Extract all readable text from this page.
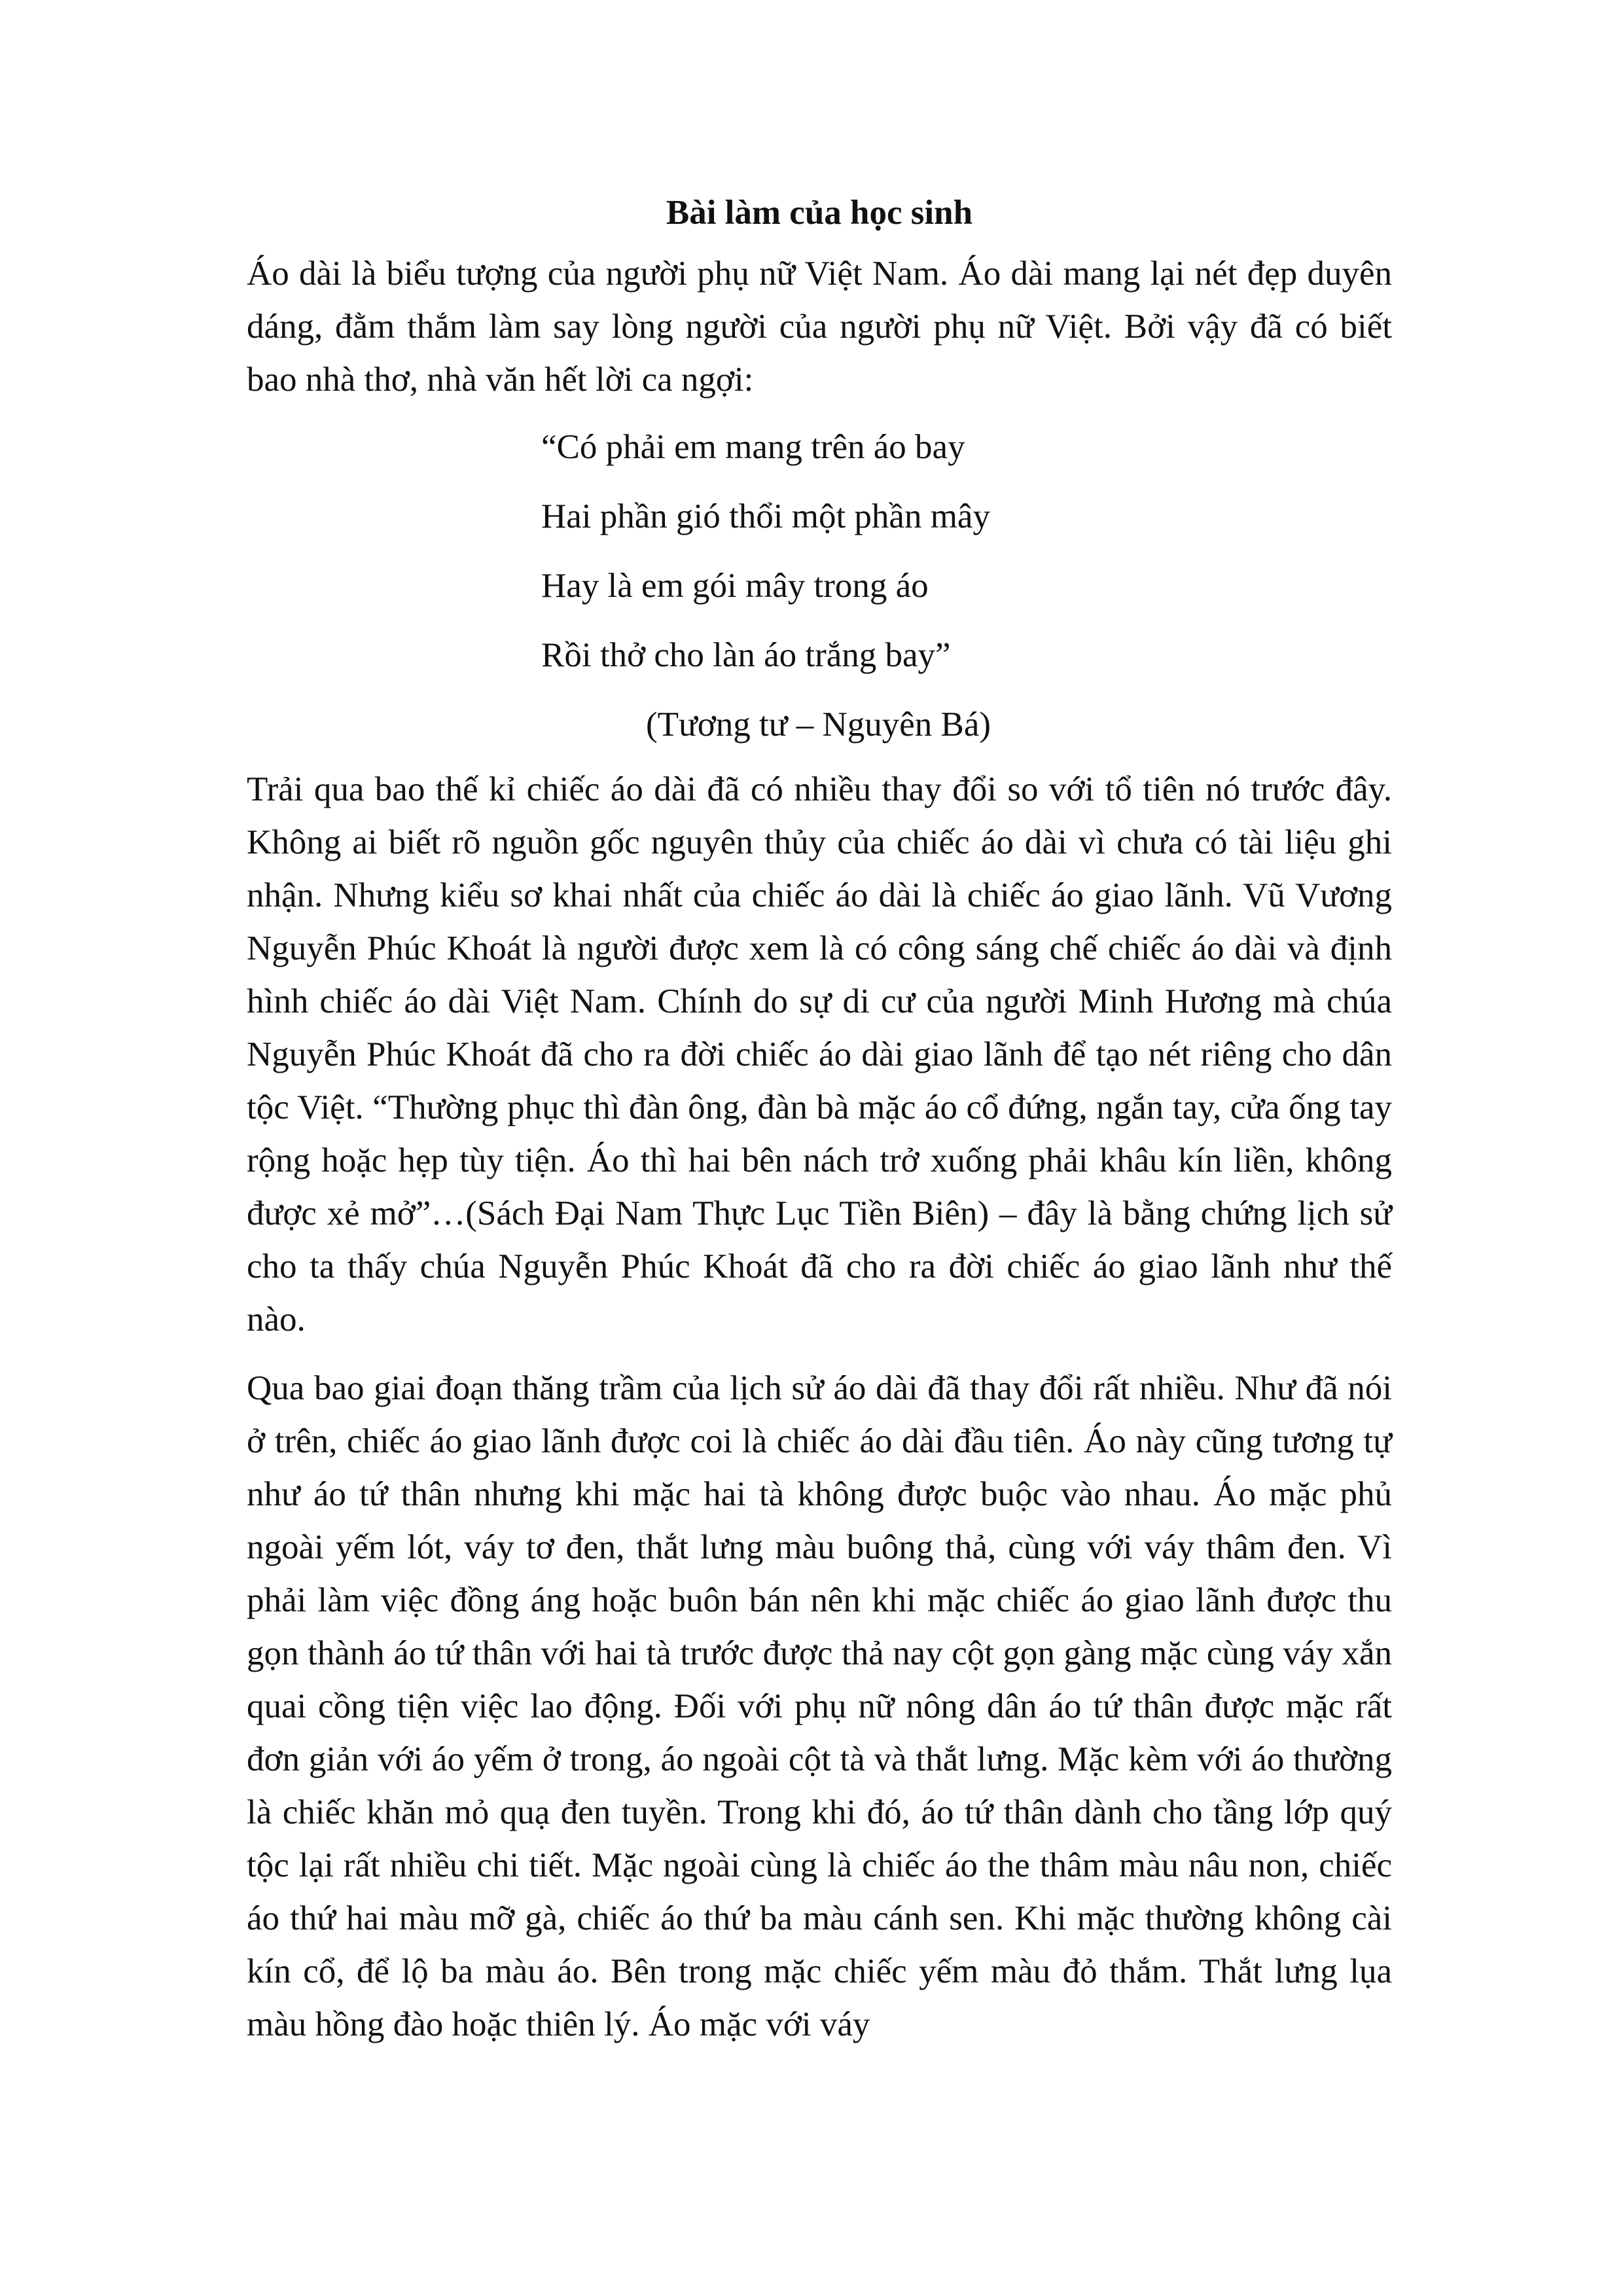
Bài làm của học sinh

Áo dài là biểu tượng của người phụ nữ Việt Nam. Áo dài mang lại nét đẹp duyên dáng, đằm thắm làm say lòng người của người phụ nữ Việt. Bởi vậy đã có biết bao nhà thơ, nhà văn hết lời ca ngợi:

“Có phải em mang trên áo bay
Hai phần gió thổi một phần mây
Hay là em gói mây trong áo
Rồi thở cho làn áo trắng bay”
(Tương tư – Nguyên Bá)

Trải qua bao thế kỉ chiếc áo dài đã có nhiều thay đổi so với tổ tiên nó trước đây. Không ai biết rõ nguồn gốc nguyên thủy của chiếc áo dài vì chưa có tài liệu ghi nhận. Nhưng kiểu sơ khai nhất của chiếc áo dài là chiếc áo giao lãnh. Vũ Vương Nguyễn Phúc Khoát là người được xem là có công sáng chế chiếc áo dài và định hình chiếc áo dài Việt Nam. Chính do sự di cư của người Minh Hương mà chúa Nguyễn Phúc Khoát đã cho ra đời chiếc áo dài giao lãnh để tạo nét riêng cho dân tộc Việt. “Thường phục thì đàn ông, đàn bà mặc áo cổ đứng, ngắn tay, cửa ống tay rộng hoặc hẹp tùy tiện. Áo thì hai bên nách trở xuống phải khâu kín liền, không được xẻ mở”…(Sách Đại Nam Thực Lục Tiền Biên) – đây là bằng chứng lịch sử cho ta thấy chúa Nguyễn Phúc Khoát đã cho ra đời chiếc áo giao lãnh như thế nào.

Qua bao giai đoạn thăng trầm của lịch sử áo dài đã thay đổi rất nhiều. Như đã nói ở trên, chiếc áo giao lãnh được coi là chiếc áo dài đầu tiên. Áo này cũng tương tự như áo tứ thân nhưng khi mặc hai tà không được buộc vào nhau. Áo mặc phủ ngoài yếm lót, váy tơ đen, thắt lưng màu buông thả, cùng với váy thâm đen. Vì phải làm việc đồng áng hoặc buôn bán nên khi mặc chiếc áo giao lãnh được thu gọn thành áo tứ thân với hai tà trước được thả nay cột gọn gàng mặc cùng váy xắn quai cồng tiện việc lao động. Đối với phụ nữ nông dân áo tứ thân được mặc rất đơn giản với áo yếm ở trong, áo ngoài cột tà và thắt lưng. Mặc kèm với áo thường là chiếc khăn mỏ quạ đen tuyền. Trong khi đó, áo tứ thân dành cho tầng lớp quý tộc lại rất nhiều chi tiết. Mặc ngoài cùng là chiếc áo the thâm màu nâu non, chiếc áo thứ hai màu mỡ gà, chiếc áo thứ ba màu cánh sen. Khi mặc thường không cài kín cổ, để lộ ba màu áo. Bên trong mặc chiếc yếm màu đỏ thắm. Thắt lưng lụa màu hồng đào hoặc thiên lý. Áo mặc với váy
